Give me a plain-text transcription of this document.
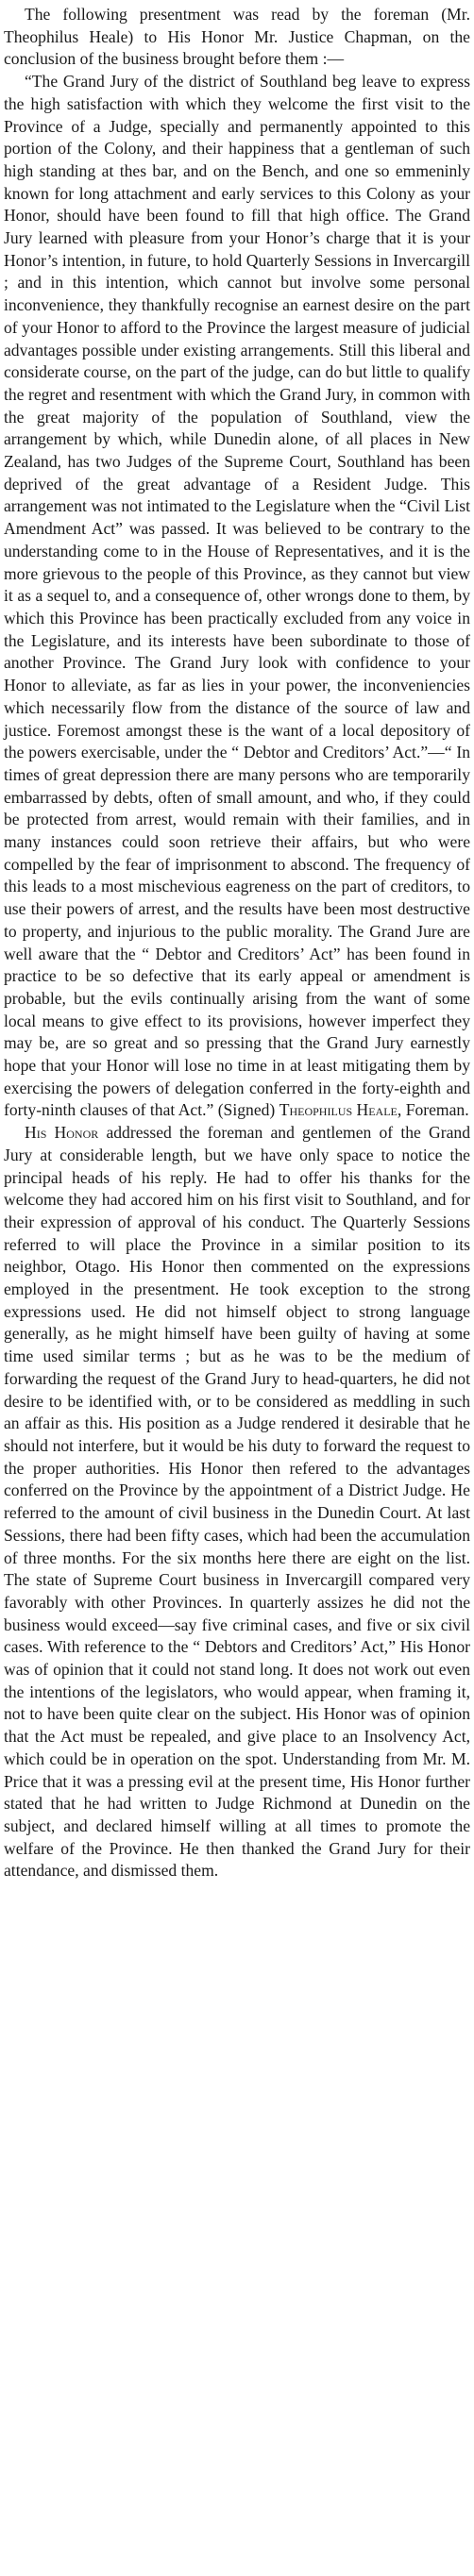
The following presentment was read by the foreman (Mr. Theophilus Heale) to His Honor Mr. Justice Chapman, on the conclusion of the business brought before them :—

“The Grand Jury of the district of Southland beg leave to express the high satisfaction with which they welcome the first visit to the Province of a Judge, specially and permanently appointed to this portion of the Colony, and their happiness that a gentleman of such high standing at thes bar, and on the Bench, and one so emmeninly known for long attachment and early services to this Colony as your Honor, should have been found to fill that high office. The Grand Jury learned with pleasure from your Honor’s charge that it is your Honor’s intention, in future, to hold Quarterly Sessions in Invercargill ; and in this intention, which cannot but involve some personal inconvenience, they thankfully recognise an earnest desire on the part of your Honor to afford to the Province the largest measure of judicial advantages possible under existing arrangements. Still this liberal and considerate course, on the part of the judge, can do but little to qualify the regret and resentment with which the Grand Jury, in common with the great majority of the population of Southland, view the arrangement by which, while Dunedin alone, of all places in New Zealand, has two Judges of the Supreme Court, Southland has been deprived of the great advantage of a Resident Judge. This arrangement was not intimated to the Legislature when the “Civil List Amendment Act” was passed. It was believed to be contrary to the understanding come to in the House of Representatives, and it is the more grievous to the people of this Province, as they cannot but view it as a sequel to, and a consequence of, other wrongs done to them, by which this Province has been practically excluded from any voice in the Legislature, and its interests have been subordinate to those of another Province. The Grand Jury look with confidence to your Honor to alleviate, as far as lies in your power, the inconveniencies which necessarily flow from the distance of the source of law and justice. Foremost amongst these is the want of a local depository of the powers exercisable, under the “ Debtor and Creditors’ Act.”—“ In times of great depression there are many persons who are temporarily embarrassed by debts, often of small amount, and who, if they could be protected from arrest, would remain with their families, and in many instances could soon retrieve their affairs, but who were compelled by the fear of imprisonment to abscond. The frequency of this leads to a most mischevious eagreness on the part of creditors, to use their powers of arrest, and the results have been most destructive to property, and injurious to the public morality. The Grand Jure are well aware that the “ Debtor and Creditors’ Act” has been found in practice to be so defective that its early appeal or amendment is probable, but the evils continually arising from the want of some local means to give effect to its provisions, however imperfect they may be, are so great and so pressing that the Grand Jury earnestly hope that your Honor will lose no time in at least mitigating them by exercising the powers of delegation conferred in the forty-eighth and forty-ninth clauses of that Act.” (Signed) Theophilus Heale, Foreman.

His Honor addressed the foreman and gentlemen of the Grand Jury at considerable length, but we have only space to notice the principal heads of his reply. He had to offer his thanks for the welcome they had accored him on his first visit to Southland, and for their expression of approval of his conduct. The Quarterly Sessions referred to will place the Province in a similar position to its neighbor, Otago. His Honor then commented on the expressions employed in the presentment. He took exception to the strong expressions used. He did not himself object to strong language generally, as he might himself have been guilty of having at some time used similar terms ; but as he was to be the medium of forwarding the request of the Grand Jury to head-quarters, he did not desire to be identified with, or to be considered as meddling in such an affair as this. His position as a Judge rendered it desirable that he should not interfere, but it would be his duty to forward the request to the proper authorities. His Honor then refered to the advantages conferred on the Province by the appointment of a District Judge. He referred to the amount of civil business in the Dunedin Court. At last Sessions, there had been fifty cases, which had been the accumulation of three months. For the six months here there are eight on the list. The state of Supreme Court business in Invercargill compared very favorably with other Provinces. In quarterly assizes he did not the business would exceed—say five criminal cases, and five or six civil cases. With reference to the “ Debtors and Creditors’ Act,” His Honor was of opinion that it could not stand long. It does not work out even the intentions of the legislators, who would appear, when framing it, not to have been quite clear on the subject. His Honor was of opinion that the Act must be repealed, and give place to an Insolvency Act, which could be in operation on the spot. Understanding from Mr. M. Price that it was a pressing evil at the present time, His Honor further stated that he had written to Judge Richmond at Dunedin on the subject, and declared himself willing at all times to promote the welfare of the Province. He then thanked the Grand Jury for their attendance, and dismissed them.
